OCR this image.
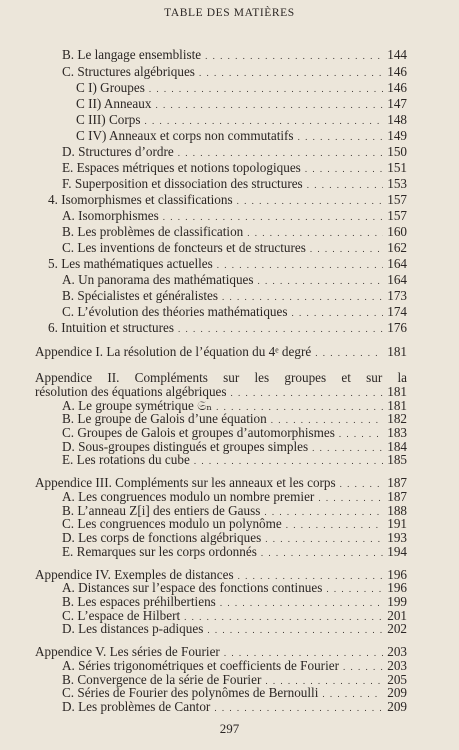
TABLE DES MATIÈRES
B. Le langage ensembliste . . .	144
C. Structures algébriques . . .	146
C I) Groupes . . .	146
C II) Anneaux . . .	147
C III) Corps . . .	148
C IV) Anneaux et corps non commutatifs . . .	149
D. Structures d’ordre . . .	150
E. Espaces métriques et notions topologiques . . .	151
F. Superposition et dissociation des structures . . .	153
4. Isomorphismes et classifications . . .	157
A. Isomorphismes . . .	157
B. Les problèmes de classification . . .	160
C. Les inventions de foncteurs et de structures . . .	162
5. Les mathématiques actuelles . . .	164
A. Un panorama des mathématiques . . .	164
B. Spécialistes et généralistes . . .	173
C. L’évolution des théories mathématiques . . .	174
6. Intuition et structures . . .	176
Appendice I. La résolution de l’équation du 4ᵉ degré . . .	181
Appendice II. Compléments sur les groupes et sur la
résolution des équations algébriques . . .	181
A. Le groupe symétrique 𝔖ₙ . . .	181
B. Le groupe de Galois d’une équation . . .	182
C. Groupes de Galois et groupes d’automorphismes . . .	183
D. Sous-groupes distingués et groupes simples . . .	184
E. Les rotations du cube . . .	185
Appendice III. Compléments sur les anneaux et les corps . . .	187
A. Les congruences modulo un nombre premier . . .	187
B. L’anneau Z[i] des entiers de Gauss . . .	188
C. Les congruences modulo un polynôme . . .	191
D. Les corps de fonctions algébriques . . .	193
E. Remarques sur les corps ordonnés . . .	194
Appendice IV. Exemples de distances . . .	196
A. Distances sur l’espace des fonctions continues . . .	196
B. Les espaces préhilbertiens . . .	199
C. L’espace de Hilbert . . .	201
D. Les distances p-adiques . . .	202
Appendice V. Les séries de Fourier . . .	203
A. Séries trigonométriques et coefficients de Fourier . . .	203
B. Convergence de la série de Fourier . . .	205
C. Séries de Fourier des polynômes de Bernoulli . . .	209
D. Les problèmes de Cantor . . .	209
297
